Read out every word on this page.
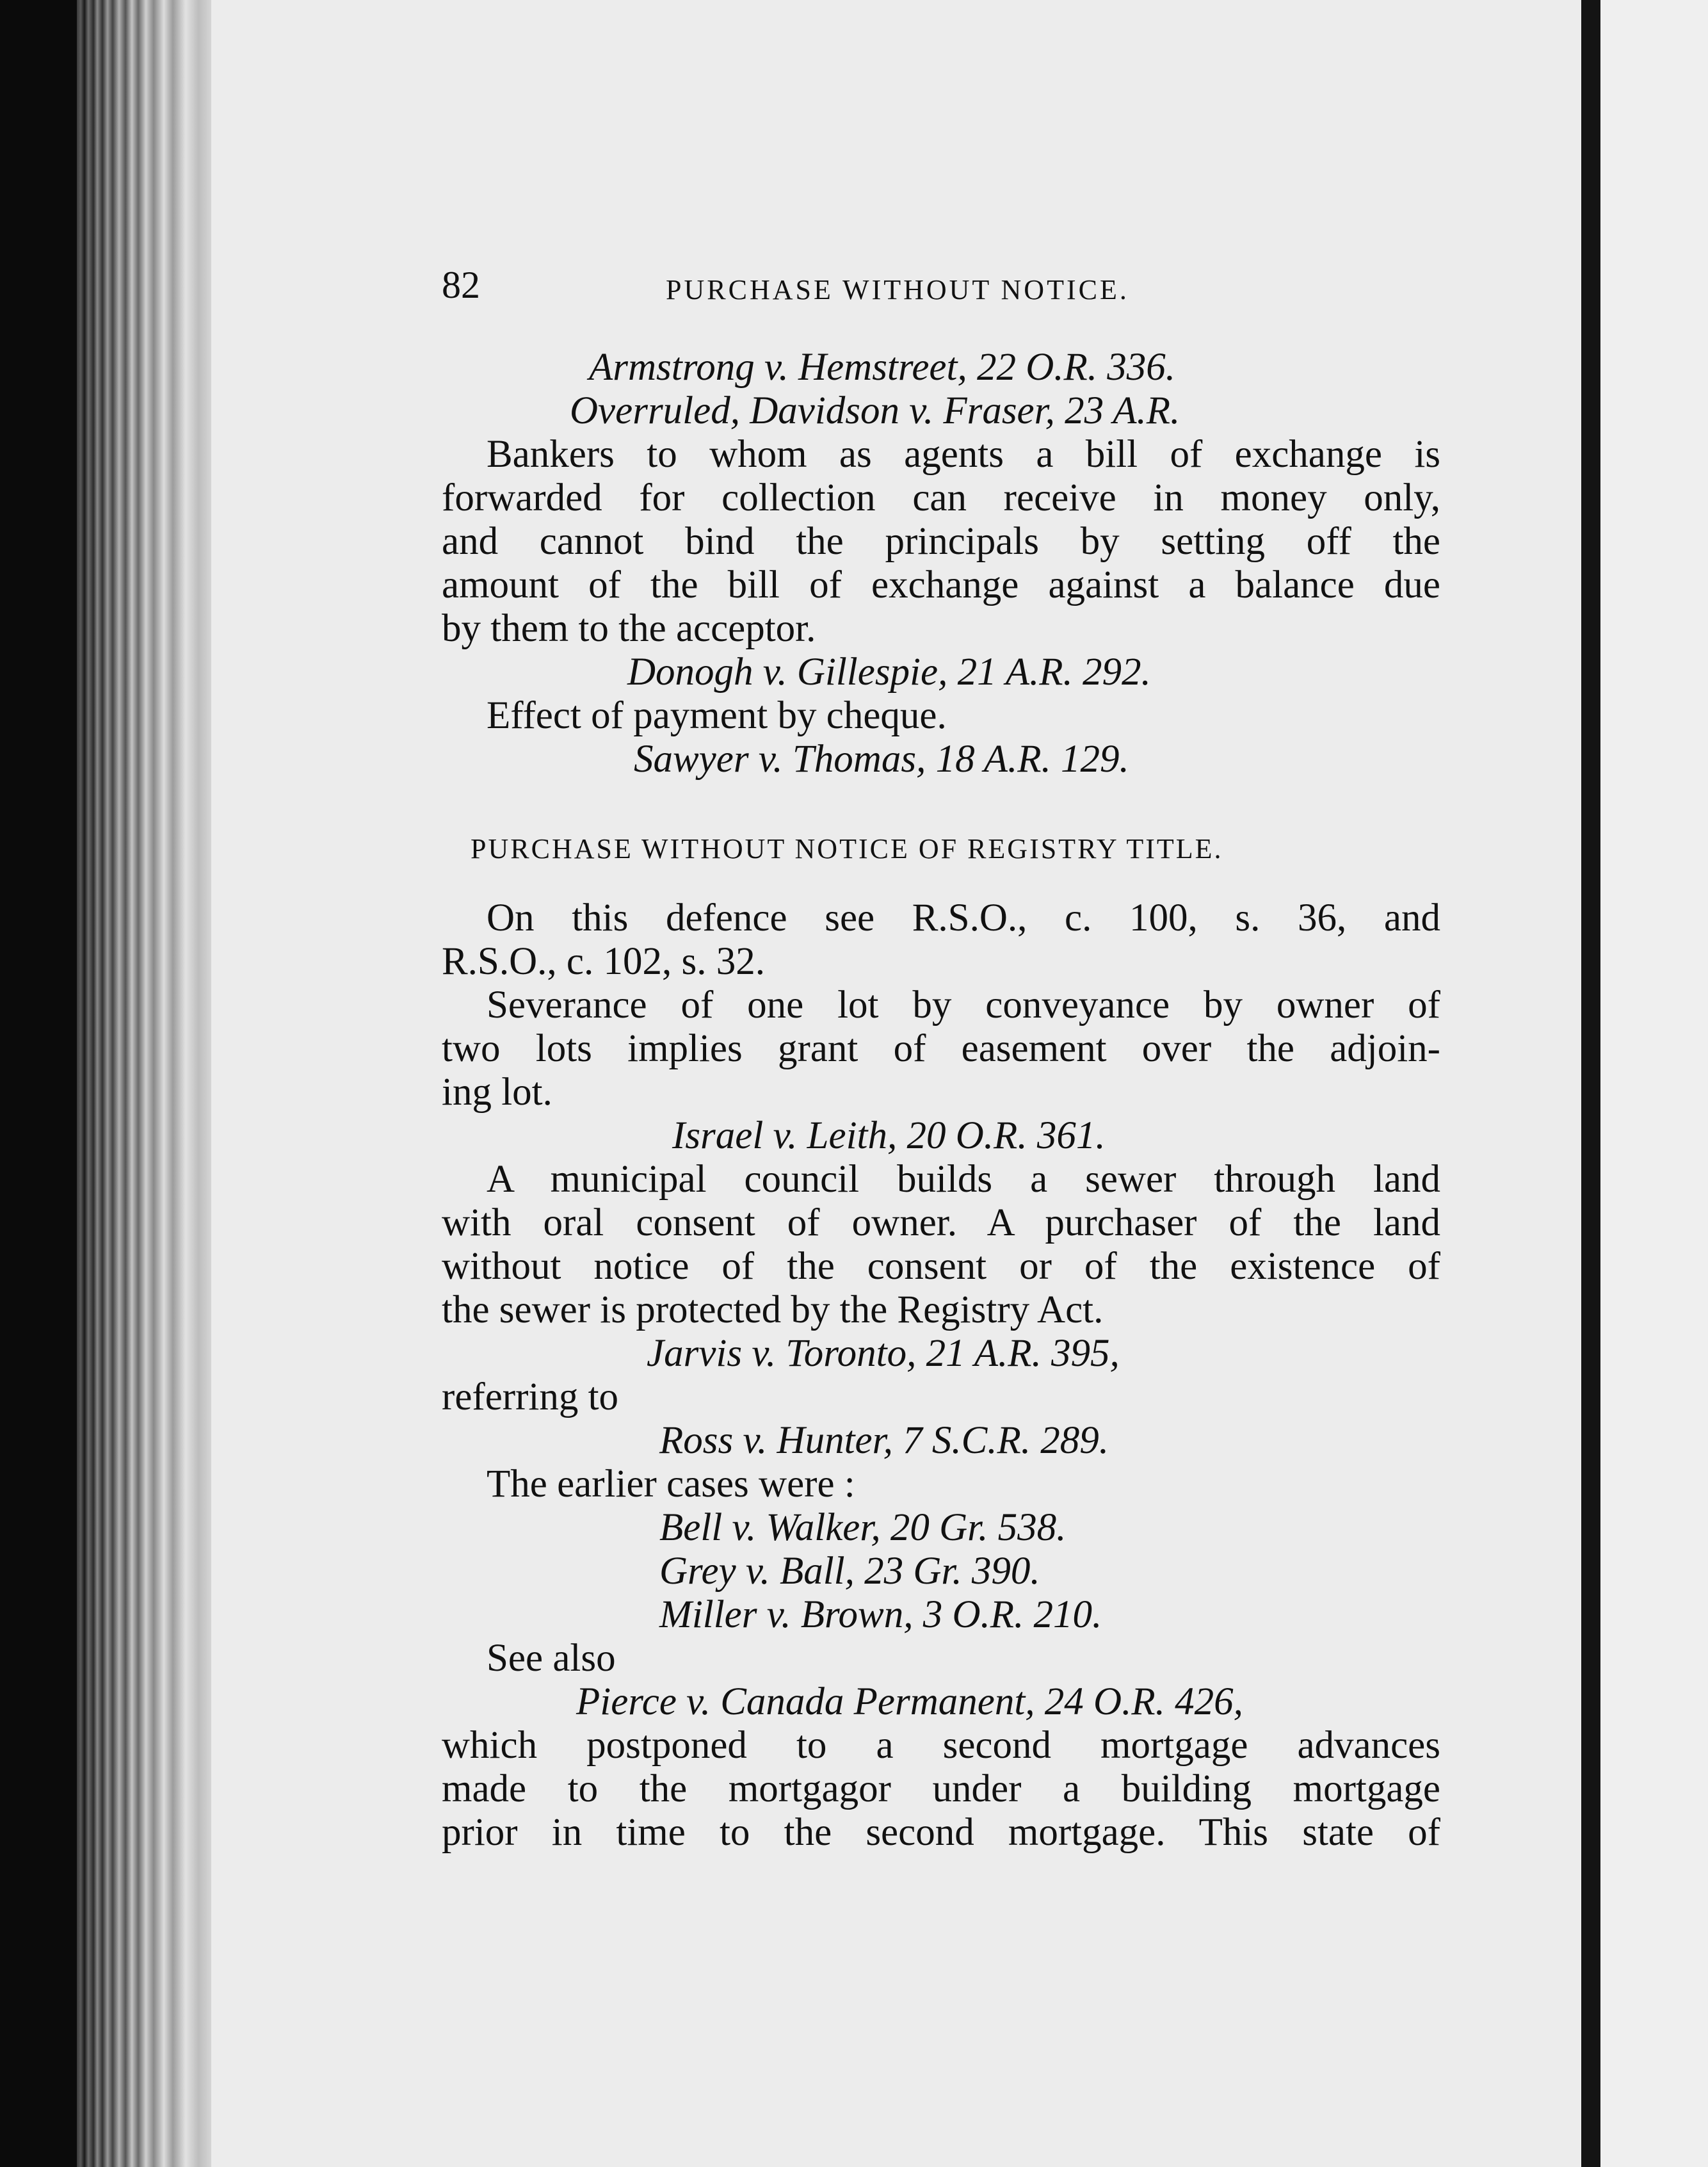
82	PURCHASE WITHOUT NOTICE.
Armstrong v. Hemstreet, 22 O.R. 336.
Overruled, Davidson v. Fraser, 23 A.R.
Bankers to whom as agents a bill of exchange is
forwarded for collection can receive in money only,
and cannot bind the principals by setting off the
amount of the bill of exchange against a balance due
by them to the acceptor.
Donogh v. Gillespie, 21 A.R. 292.
Effect of payment by cheque.
Sawyer v. Thomas, 18 A.R. 129.
PURCHASE WITHOUT NOTICE OF REGISTRY TITLE.
On this defence see R.S.O., c. 100, s. 36, and
R.S.O., c. 102, s. 32.
Severance of one lot by conveyance by owner of
two lots implies grant of easement over the adjoin-
ing lot.
Israel v. Leith, 20 O.R. 361.
A municipal council builds a sewer through land
with oral consent of owner. A purchaser of the land
without notice of the consent or of the existence of
the sewer is protected by the Registry Act.
Jarvis v. Toronto, 21 A.R. 395,
referring to
Ross v. Hunter, 7 S.C.R. 289.
The earlier cases were :
Bell v. Walker, 20 Gr. 538.
Grey v. Ball, 23 Gr. 390.
Miller v. Brown, 3 O.R. 210.
See also
Pierce v. Canada Permanent, 24 O.R. 426,
which postponed to a second mortgage advances
made to the mortgagor under a building mortgage
prior in time to the second mortgage. This state of
